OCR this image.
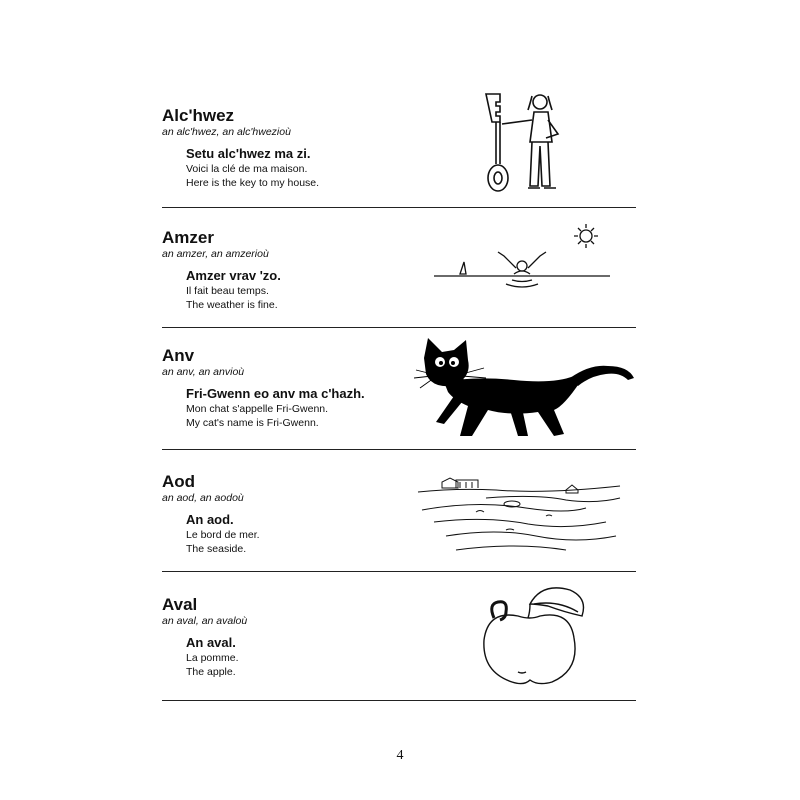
Alc'hwez

an alc'hwez, an alc'hwezioù

Setu alc'hwez ma zi.

Voici la clé de ma maison.

Here is the key to my house.

Amzer

an amzer, an amzerioù

Amzer vrav 'zo.

Il fait beau temps.

The weather is fine.

Anv

an anv, an anvioù

Fri-Gwenn eo anv ma c'hazh.

Mon chat s'appelle Fri-Gwenn.

My cat's name is Fri-Gwenn.

Aod

an aod, an aodoù

An aod.

Le bord de mer.

The seaside.

Aval

an aval, an avaloù

An aval.

La pomme.

The apple.

4
